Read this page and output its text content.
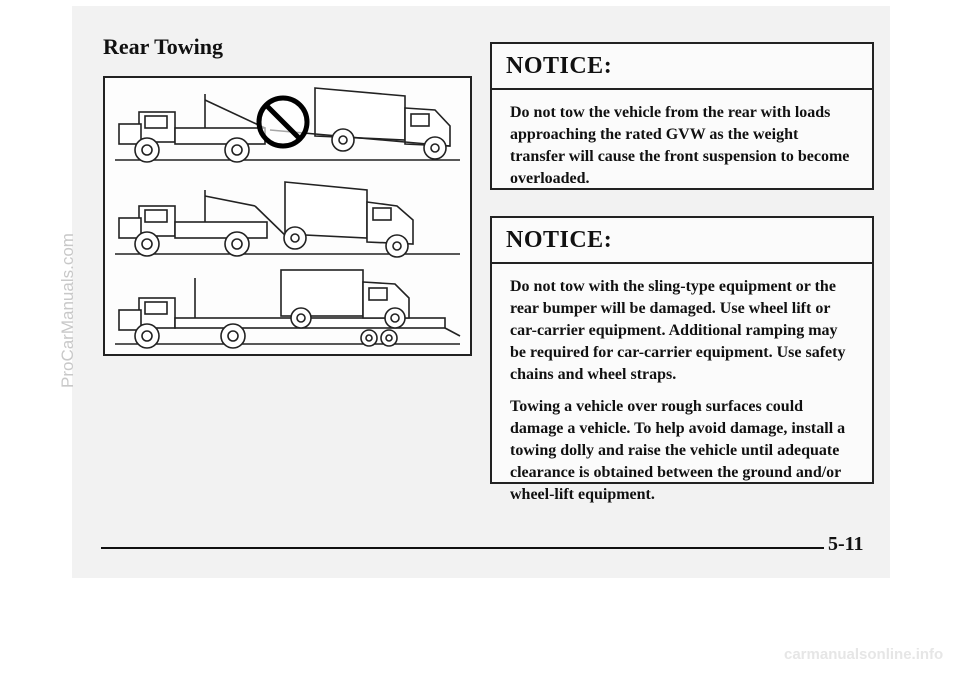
Rear Towing
NOTICE:

Do not tow the vehicle from the rear with loads approaching the rated GVW as the weight transfer will cause the front suspension to become overloaded.

NOTICE:

Do not tow with the sling-type equipment or the rear bumper will be damaged. Use wheel lift or car-carrier equipment. Additional ramping may be required for car-carrier equipment. Use safety chains and wheel straps.

Towing a vehicle over rough surfaces could damage a vehicle. To help avoid damage, install a towing dolly and raise the vehicle until adequate clearance is obtained between the ground and/or wheel-lift equipment.

5-11
ProCarManuals.com
carmanualsonline.info
